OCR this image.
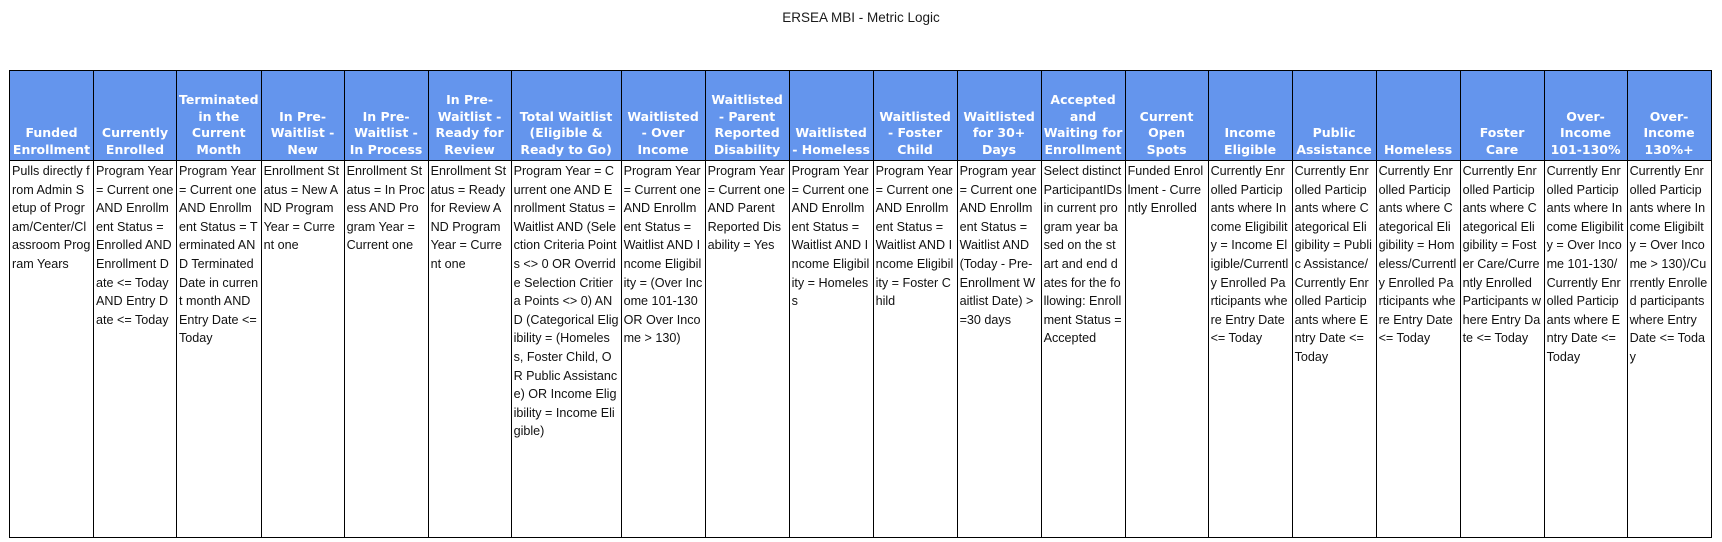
ERSEA MBI - Metric Logic
Funded Enrollment	Currently Enrolled	Terminated in the Current Month	In Pre-Waitlist - New	In Pre-Waitlist - In Process	In Pre-Waitlist - Ready for Review	Total Waitlist (Eligible & Ready to Go)	Waitlisted - Over Income	Waitlisted - Parent Reported Disability	Waitlisted - Homeless	Waitlisted - Foster Child	Waitlisted for 30+ Days	Accepted and Waiting for Enrollment	Current Open Spots	Income Eligible	Public Assistance	Homeless	Foster Care	Over-Income 101-130%	Over-Income 130%+
Pulls directly from Admin Setup of Program/Center/Classroom Program Years	Program Year = Current one AND Enrollment Status = Enrolled AND Enrollment Date <= Today AND Entry Date <= Today	Program Year = Current one AND Enrollment Status = Terminated AND Terminated Date in current month AND Entry Date <= Today	Enrollment Status = New AND Program Year = Current one	Enrollment Status = In Process AND Program Year = Current one	Enrollment Status = Ready for Review AND Program Year = Current one	Program Year = Current one AND Enrollment Status = Waitlist AND (Selection Criteria Points <> 0 OR Override Selection Critiera Points <> 0) AND (Categorical Eligibility = (Homeless, Foster Child, OR Public Assistance) OR Income Eligibility = Income Eligible)	Program Year = Current one AND Enrollment Status = Waitlist AND Income Eligibility = (Over Income 101-130 OR Over Income > 130)	Program Year = Current one AND Parent Reported Disability = Yes	Program Year = Current one AND Enrollment Status = Waitlist AND Income Eligibility = Homeless	Program Year = Current one AND Enrollment Status = Waitlist AND Income Eligibility = Foster Child	Program year = Current one AND Enrollment Status = Waitlist AND (Today - Pre-Enrollment Waitlist Date) >=30 days	Select distinct ParticipantIDs in current program year based on the start and end dates for the following: Enrollment Status = Accepted	Funded Enrollment - Currently Enrolled	Currently Enrolled Participants where Income Eligibility = Income Eligible/Currently Enrolled Participants where Entry Date <= Today	Currently Enrolled Participants where Categorical Eligibility = Public Assistance/Currently Enrolled Participants where Entry Date <= Today	Currently Enrolled Participants where Categorical Eligibility = Homeless/Currently Enrolled Participants where Entry Date <= Today	Currently Enrolled Participants where Categorical Eligibility = Foster Care/Currently Enrolled Participants where Entry Date <= Today	Currently Enrolled Participants where Income Eligibility = Over Income 101-130/Currently Enrolled Participants where Entry Date <= Today	Currently Enrolled Participants where Income Eligibilty = Over Income > 130)/Currently Enrolled participants where Entry Date <= Today
